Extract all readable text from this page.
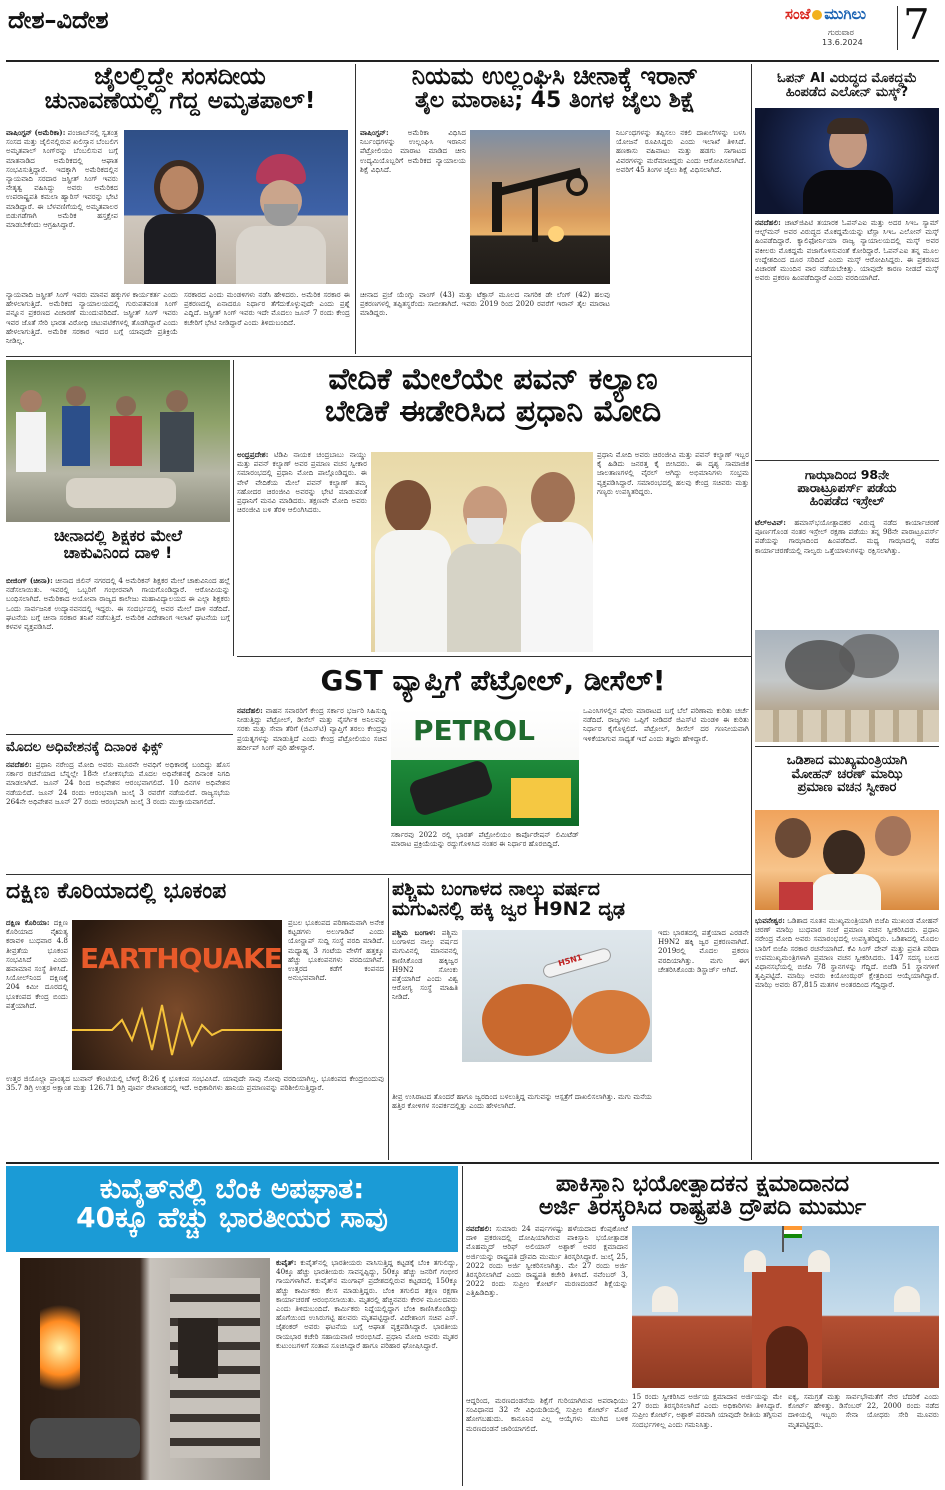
ದೇಶ–ವಿದೇಶ	ಸಂಜೆ ಮುಗಿಲು
ಗುರುವಾರ
13.6.2024 7
ಜೈಲಲ್ಲಿದ್ದೇ ಸಂಸದೀಯ
ಚುನಾವಣೆಯಲ್ಲಿ ಗೆದ್ದ ಅಮೃತಪಾಲ್!
ವಾಷಿಂಗ್ಟನ್ (ಅಮೆರಿಕಾ): ಪಂಜಾಬ್‌ನಲ್ಲಿ ಸ್ವತಂತ್ರ ಸಂಸದ ಮತ್ತು ಜೈಲಿನಲ್ಲಿರುವ ಖಲಿಸ್ತಾನ ಬೆಂಬಲಿಗ ಅಮೃತಪಾಲ್ ಸಿಂಗ್‌ರನ್ನು ಬೆಂಬಲಿಸುವ ಬಗ್ಗೆ ಮಾತನಾಡಿದ ಅಮೆರಿಕದಲ್ಲಿ ಆಘಾತ ಸಂಭವಿಸುತ್ತಿದ್ದಾರೆ. ಇದಕ್ಕಾಗಿ ಅಮೆರಿಕದಲ್ಲಿನ ನ್ಯಾಯವಾದಿ ಸರದಾರ ಜಸ್ಪ್ರೀತ್ ಸಿಂಗ್ ಇವರು ನೇತೃತ್ವ ವಹಿಸಿದ್ದು ಅವರು ಅಮೆರಿಕದ ಉಪರಾಷ್ಟ್ರಪತಿ ಕಮಲಾ ಹ್ಯಾರಿಸ್ ಇವರನ್ನು ಭೇಟಿ ಮಾಡಿದ್ದಾರೆ. ಈ ಬೆಳವಣಿಗೆಯಲ್ಲಿ ಅಮೃತಪಾಲರ ಬಿಡುಗಡೆಗಾಗಿ ಅಮೆರಿಕ ಹಸ್ತಕ್ಷೇಪ ಮಾಡಬೇಕೆಂದು ಆಗ್ರಹಿಸಿದ್ದಾರೆ.
ನ್ಯಾಯವಾದಿ ಜಸ್ಪ್ರೀತ್ ಸಿಂಗ್ ಇವರು ಮಾನವ ಹಕ್ಕುಗಳ ಕಾರ್ಯಕರ್ತ ಎಂದು ಹೇಳಲಾಗುತ್ತಿದೆ. ಅಮೆರಿಕದ ನ್ಯಾಯಾಲಯದಲ್ಲಿ ಗುರುಪತವಂತ ಸಿಂಗ್ ಪನ್ನೂನ ಪ್ರಕರಣದ ವಿಚಾರಣೆ ಮುಂದುವರಿದಿದೆ. ಜಸ್ಪ್ರೀತ್ ಸಿಂಗ್ ಇವರು ಇವರ ಜೊತೆ ಸೇರಿ ಭಾರತ ವಿರೋಧಿ ಚಟುವಟಿಕೆಗಳಲ್ಲಿ ತೊಡಗಿದ್ದಾರೆ ಎಂದು ಹೇಳಲಾಗುತ್ತಿದೆ. ಅಮೆರಿಕ ಸರಕಾರ ಇದರ ಬಗ್ಗೆ ಯಾವುದೇ ಪ್ರತಿಕ್ರಿಯೆ ನೀಡಿಲ್ಲ.
ಸರಕಾರದ ಎಂದು ಮಂಡಳಿಗಳು ನಡೆಸಿ ಹೇಳಿದರು. ಅಮೆರಿಕ ಸರಕಾರ ಈ ಪ್ರಕರಣದಲ್ಲಿ ಏನಾದರೂ ನಿರ್ಧಾರ ತೆಗೆದುಕೊಳ್ಳುವುದೇ ಎಂದು ಪ್ರಶ್ನೆ ಎದ್ದಿದೆ. ಜಸ್ಪ್ರೀತ್ ಸಿಂಗ್ ಇವರು ಇದೇ ಮೊದಲು ಜೂನ್ 7 ರಂದು ಕೇಂದ್ರ ಕಚೇರಿಗೆ ಭೇಟಿ ನೀಡಿದ್ದಾರೆ ಎಂದು ತಿಳಿದುಬಂದಿದೆ.
ನಿಯಮ ಉಲ್ಲಂಘಿಸಿ ಚೀನಾಕ್ಕೆ ಇರಾನ್
ತೈಲ ಮಾರಾಟ; 45 ತಿಂಗಳ ಜೈಲು ಶಿಕ್ಷೆ
ವಾಷಿಂಗ್ಟನ್:	ಅಮೆರಿಕಾ ವಿಧಿಸಿದ ನಿರ್ಬಂಧಗಳನ್ನು ಉಲ್ಲಂಘಿಸಿ ಇರಾನಿನ ಪೆಟ್ರೋಲಿಯಂ ಮಾರಾಟ ಮಾಡಿದ ಚೀನಿ ಉದ್ಯಮಿಯೊಬ್ಬರಿಗೆ ಅಮೆರಿಕದ ನ್ಯಾಯಾಲಯ ಶಿಕ್ಷೆ ವಿಧಿಸಿದೆ.
ನಿರ್ಬಂಧಗಳನ್ನು ತಪ್ಪಿಸಲು ನಕಲಿ ದಾಖಲೆಗಳನ್ನು ಬಳಸಿ ಯೋಜನೆ ರೂಪಿಸಿದ್ದರು ಎಂದು ಇಲಾಖೆ ತಿಳಿಸಿದೆ. ಹಣಕಾಸು ವಹಿವಾಟು ಮತ್ತು ಹಡಗು ಸಾಗಾಟದ ವಿವರಗಳನ್ನು ಮರೆಮಾಚಿದ್ದರು ಎಂದು ಆರೋಪಿಸಲಾಗಿದೆ. ಅವರಿಗೆ 45 ತಿಂಗಳ ಜೈಲು ಶಿಕ್ಷೆ ವಿಧಿಸಲಾಗಿದೆ.
ಚೀನಾದ ಪ್ರಜೆ ಯೆಂಗ್ಸು ವಾಂಗ್ (43) ಮತ್ತು ಟೆಕ್ಸಾಸ್ ಮೂಲದ ನಾಗರಿಕ ಡೇ ಲೆಂಗ್ (42) ಹಲವು ಪ್ರಕರಣಗಳಲ್ಲಿ ತಪ್ಪಿತಸ್ಥರೆಂದು ಸಾಬೀತಾಗಿದೆ. ಇವರು 2019 ರಿಂದ 2020 ರವರೆಗೆ ಇರಾನ್ ತೈಲ ಮಾರಾಟ ಮಾಡಿದ್ದರು.
ಓಪನ್ AI ವಿರುದ್ಧದ ಮೊಕದ್ದಮೆ
ಹಿಂಪಡೆದ ಎಲೋನ್ ಮಸ್ಕ್?
ನವದೆಹಲಿ: ಚಾಟ್‌ಜಿಪಿಟಿ ತಯಾರಕ ಓಪನ್‌ಎಐ ಮತ್ತು ಅದರ ಸಿಇಒ ಸ್ಯಾಮ್ ಆಲ್ಟ್‌ಮನ್ ಅವರ ವಿರುದ್ಧದ ಮೊಕದ್ದಮೆಯನ್ನು ಟೆಸ್ಲಾ ಸಿಇಒ ಎಲೋನ್ ಮಸ್ಕ್ ಹಿಂಪಡೆದಿದ್ದಾರೆ. ಕ್ಯಾಲಿಫೋರ್ನಿಯಾ ರಾಜ್ಯ ನ್ಯಾಯಾಲಯದಲ್ಲಿ ಮಸ್ಕ್ ಅವರ ವಕೀಲರು ಮೊಕದ್ದಮೆ ವಜಾಗೊಳಿಸುವಂತೆ ಕೋರಿದ್ದಾರೆ. ಓಪನ್‌ಎಐ ತನ್ನ ಮೂಲ ಉದ್ದೇಶದಿಂದ ದೂರ ಸರಿದಿದೆ ಎಂದು ಮಸ್ಕ್ ಆರೋಪಿಸಿದ್ದರು. ಈ ಪ್ರಕರಣದ ವಿಚಾರಣೆ ಮುಂದಿನ ವಾರ ನಡೆಯಬೇಕಿತ್ತು. ಯಾವುದೇ ಕಾರಣ ನೀಡದೆ ಮಸ್ಕ್ ಅವರು ಪ್ರಕರಣ ಹಿಂಪಡೆದಿದ್ದಾರೆ ಎಂದು ವರದಿಯಾಗಿದೆ.
ಚೀನಾದಲ್ಲಿ ಶಿಕ್ಷಕರ ಮೇಲೆ
ಚಾಕುವಿನಿಂದ ದಾಳಿ !
ಬೀಜಿಂಗ್ (ಚೀನಾ): ಚೀನಾದ ಜಿಲಿನ್ ನಗರದಲ್ಲಿ 4 ಅಮೆರಿಕನ್ ಶಿಕ್ಷಕರ ಮೇಲೆ ಚಾಕುವಿನಿಂದ ಹಲ್ಲೆ ನಡೆಸಲಾಯಿತು. ಇವರಲ್ಲಿ ಒಬ್ಬರಿಗೆ ಗಂಭೀರವಾಗಿ ಗಾಯಗೊಂಡಿದ್ದಾರೆ. ಆರೋಪಿಯನ್ನು ಬಂಧಿಸಲಾಗಿದೆ. ಅಮೆರಿಕಾದ ಅಯೋವಾ ರಾಜ್ಯದ ಕಾಲೇಜು ಮಹಾವಿದ್ಯಾಲಯದ ಈ ಎಲ್ಲಾ ಶಿಕ್ಷಕರು ಒಂದು ಸಾರ್ವಜನಿಕ ಉದ್ಯಾನವನದಲ್ಲಿ ಇದ್ದರು. ಈ ಸಂದರ್ಭದಲ್ಲಿ ಅವರ ಮೇಲೆ ದಾಳಿ ನಡೆದಿದೆ. ಘಟನೆಯ ಬಗ್ಗೆ ಚೀನಾ ಸರಕಾರ ತನಿಖೆ ನಡೆಸುತ್ತಿದೆ. ಅಮೆರಿಕ ವಿದೇಶಾಂಗ ಇಲಾಖೆ ಘಟನೆಯ ಬಗ್ಗೆ ಕಳವಳ ವ್ಯಕ್ತಪಡಿಸಿದೆ.
ವೇದಿಕೆ ಮೇಲೆಯೇ ಪವನ್ ಕಲ್ಯಾಣ
ಬೇಡಿಕೆ ಈಡೇರಿಸಿದ ಪ್ರಧಾನಿ ಮೋದಿ
ಅಂಧ್ರಪ್ರದೇಶ: ಟಿಡಿಪಿ ನಾಯಕ ಚಂದ್ರಬಾಬು ನಾಯ್ಡು ಮತ್ತು ಪವನ್ ಕಲ್ಯಾಣ್ ಅವರ ಪ್ರಮಾಣ ವಚನ ಸ್ವೀಕಾರ ಸಮಾರಂಭದಲ್ಲಿ ಪ್ರಧಾನಿ ಮೋದಿ ಪಾಲ್ಗೊಂಡಿದ್ದರು. ಈ ವೇಳೆ ವೇದಿಕೆಯ ಮೇಲೆ ಪವನ್ ಕಲ್ಯಾಣ್ ತಮ್ಮ ಸಹೋದರ ಚಿರಂಜೀವಿ ಅವರನ್ನು ಭೇಟಿ ಮಾಡುವಂತೆ ಪ್ರಧಾನಿಗೆ ಮನವಿ ಮಾಡಿದರು. ತಕ್ಷಣವೇ ಮೋದಿ ಅವರು ಚಿರಂಜೀವಿ ಬಳಿ ತೆರಳಿ ಆಲಿಂಗಿಸಿದರು.
ಪ್ರಧಾನಿ ಮೋದಿ ಅವರು ಚಿರಂಜೀವಿ ಮತ್ತು ಪವನ್ ಕಲ್ಯಾಣ್ ಇಬ್ಬರ ಕೈ ಹಿಡಿದು ಜನರತ್ತ ಕೈ ಬೀಸಿದರು. ಈ ದೃಶ್ಯ ಸಾಮಾಜಿಕ ಜಾಲತಾಣಗಳಲ್ಲಿ ವೈರಲ್ ಆಗಿದ್ದು ಅಭಿಮಾನಿಗಳು ಸಂಭ್ರಮ ವ್ಯಕ್ತಪಡಿಸಿದ್ದಾರೆ. ಸಮಾರಂಭದಲ್ಲಿ ಹಲವು ಕೇಂದ್ರ ಸಚಿವರು ಮತ್ತು ಗಣ್ಯರು ಉಪಸ್ಥಿತರಿದ್ದರು.
ಗಾಝಾದಿಂದ 98ನೇ
ಪಾರಾಟ್ರೂಪರ್ಸ್ ಪಡೆಯ
ಹಿಂಪಡೆದ ಇಸ್ರೇಲ್
ಟೆಲ್‌ಅವಿವ್: ಹಮಾಸ್‌ಭಯೋತ್ಪಾದಕರ ವಿರುದ್ಧ ನಡೆದ ಕಾರ್ಯಾಚರಣೆ ಪೂರ್ಣಗೊಂಡ ನಂತರ ಇಸ್ರೇಲ್ ರಕ್ಷಣಾ ಪಡೆಯು ತನ್ನ 98ನೇ ಪಾರಾಟ್ರೂಪರ್ಸ್ ಪಡೆಯನ್ನು ಗಾಝಾದಿಂದ ಹಿಂಪಡೆದಿದೆ. ಮಧ್ಯ ಗಾಝಾದಲ್ಲಿ ನಡೆದ ಕಾರ್ಯಾಚರಣೆಯಲ್ಲಿ ನಾಲ್ವರು ಒತ್ತೆಯಾಳುಗಳನ್ನು ರಕ್ಷಿಸಲಾಗಿತ್ತು.
GST ವ್ಯಾಪ್ತಿಗೆ ಪೆಟ್ರೋಲ್, ಡೀಸೆಲ್!
ನವದೆಹಲಿ: ವಾಹನ ಸವಾರರಿಗೆ ಕೇಂದ್ರ ಸರ್ಕಾರ ಭರ್ಜರಿ ಸಿಹಿಸುದ್ದಿ ನೀಡುತ್ತಿದ್ದು ಪೆಟ್ರೋಲ್, ಡೀಸೆಲ್ ಮತ್ತು ನೈಸರ್ಗಿಕ ಅನಿಲವನ್ನು ಸರಕು ಮತ್ತು ಸೇವಾ ತೆರಿಗೆ (ಜಿಎಸ್‌ಟಿ) ವ್ಯಾಪ್ತಿಗೆ ತರಲು ಕೇಂದ್ರವು ಪ್ರಯತ್ನಗಳನ್ನು ಮಾಡುತ್ತಿದೆ ಎಂದು ಕೇಂದ್ರ ಪೆಟ್ರೋಲಿಯಂ ಸಚಿವ ಹರ್ದೀಪ್ ಸಿಂಗ್ ಪುರಿ ಹೇಳಿದ್ದಾರೆ.
PETROL
ಸರ್ಕಾರವು 2022 ರಲ್ಲಿ ಭಾರತ್ ಪೆಟ್ರೋಲಿಯಂ ಕಾರ್ಪೊರೇಷನ್ ಲಿಮಿಟೆಡ್ ಮಾರಾಟ ಪ್ರಕ್ರಿಯೆಯನ್ನು ರದ್ದುಗೊಳಿಸಿದ ನಂತರ ಈ ನಿರ್ಧಾರ ಹೊರಬಿದ್ದಿದೆ.
ಒಎಂಸಿಗಳಲ್ಲಿನ ಷೇರು ಮಾರಾಟದ ಬಗ್ಗೆ ಬೆಲೆ ಪರಿಣಾಮ ಕುರಿತು ಚರ್ಚೆ ನಡೆದಿದೆ. ರಾಜ್ಯಗಳು ಒಪ್ಪಿಗೆ ನೀಡಿದರೆ ಜಿಎಸ್‌ಟಿ ಮಂಡಳಿ ಈ ಕುರಿತು ನಿರ್ಧಾರ ಕೈಗೊಳ್ಳಲಿದೆ. ಪೆಟ್ರೋಲ್, ಡೀಸೆಲ್ ದರ ಗಣನೀಯವಾಗಿ ಇಳಿಕೆಯಾಗುವ ಸಾಧ್ಯತೆ ಇದೆ ಎಂದು ತಜ್ಞರು ಹೇಳಿದ್ದಾರೆ.
ಮೊದಲ ಅಧಿವೇಶನಕ್ಕೆ ದಿನಾಂಕ ಫಿಕ್ಸ್
ನವದೆಹಲಿ: ಪ್ರಧಾನಿ ನರೇಂದ್ರ ಮೋದಿ ಅವರು ಮೂರನೇ ಅವಧಿಗೆ ಅಧಿಕಾರಕ್ಕೆ ಬಂದಿದ್ದು ಹೊಸ ಸರ್ಕಾರ ರಚನೆಯಾದ ಬೆನ್ನಲ್ಲೇ 18ನೇ ಲೋಕಸಭೆಯ ಮೊದಲ ಅಧಿವೇಶನಕ್ಕೆ ದಿನಾಂಕ ನಿಗದಿ ಮಾಡಲಾಗಿದೆ. ಜೂನ್ 24 ರಿಂದ ಅಧಿವೇಶನ ಆರಂಭವಾಗಲಿದೆ. 10 ದಿನಗಳ ಅಧಿವೇಶನ ನಡೆಯಲಿದೆ. ಜೂನ್ 24 ರಂದು ಆರಂಭವಾಗಿ ಜುಲೈ 3 ರವರೆಗೆ ನಡೆಯಲಿದೆ. ರಾಜ್ಯಸಭೆಯ 264ನೇ ಅಧಿವೇಶನ ಜೂನ್ 27 ರಂದು ಆರಂಭವಾಗಿ ಜುಲೈ 3 ರಂದು ಮುಕ್ತಾಯವಾಗಲಿದೆ.
ಒಡಿಶಾದ ಮುಖ್ಯಮಂತ್ರಿಯಾಗಿ
ಮೋಹನ್ ಚರಣ್ ಮಾಝಿ
ಪ್ರಮಾಣ ವಚನ ಸ್ವೀಕಾರ
ಭುವನೇಶ್ವರ: ಒಡಿಶಾದ ನೂತನ ಮುಖ್ಯಮಂತ್ರಿಯಾಗಿ ಬಿಜೆಪಿ ಮುಖಂಡ ಮೋಹನ್ ಚರಣ್ ಮಾಝಿ ಬುಧವಾರ ಸಂಜೆ ಪ್ರಮಾಣ ವಚನ ಸ್ವೀಕರಿಸಿದರು. ಪ್ರಧಾನಿ ನರೇಂದ್ರ ಮೋದಿ ಅವರು ಸಮಾರಂಭದಲ್ಲಿ ಉಪಸ್ಥಿತರಿದ್ದರು. ಒಡಿಶಾದಲ್ಲಿ ಮೊದಲ ಬಾರಿಗೆ ಬಿಜೆಪಿ ಸರಕಾರ ರಚನೆಯಾಗಿದೆ. ಕೆವಿ ಸಿಂಗ್ ದೇವ್ ಮತ್ತು ಪ್ರವತಿ ಪರಿದಾ ಉಪಮುಖ್ಯಮಂತ್ರಿಗಳಾಗಿ ಪ್ರಮಾಣ ವಚನ ಸ್ವೀಕರಿಸಿದರು. 147 ಸದಸ್ಯ ಬಲದ ವಿಧಾನಸಭೆಯಲ್ಲಿ ಬಿಜೆಪಿ 78 ಸ್ಥಾನಗಳನ್ನು ಗೆದ್ದಿದೆ. ಬಿಜೆಡಿ 51 ಸ್ಥಾನಗಳಿಗೆ ತೃಪ್ತಿಪಟ್ಟಿದೆ. ಮಾಝಿ ಅವರು ಕಿಯೋಂಝರ್ ಕ್ಷೇತ್ರದಿಂದ ಆಯ್ಕೆಯಾಗಿದ್ದಾರೆ. ಮಾಝಿ ಅವರು 87,815 ಮತಗಳ ಅಂತರದಿಂದ ಗೆದ್ದಿದ್ದಾರೆ.
ದಕ್ಷಿಣ ಕೊರಿಯಾದಲ್ಲಿ ಭೂಕಂಪ
ದಕ್ಷಿಣ ಕೊರಿಯಾ: ದಕ್ಷಿಣ ಕೊರಿಯಾದ ನೈಋತ್ಯ ಕರಾವಳಿ ಬುಧವಾರ 4.8 ತೀವ್ರತೆಯ ಭೂಕಂಪ ಸಂಭವಿಸಿದೆ ಎಂದು ಹವಾಮಾನ ಸಂಸ್ಥೆ ತಿಳಿಸಿದೆ. ಸಿಯೋಲ್‌ನಿಂದ ದಕ್ಷಿಣಕ್ಕೆ 204 ಕಿಮೀ ದೂರದಲ್ಲಿ ಭೂಕಂಪದ ಕೇಂದ್ರ ಬಿಂದು ಪತ್ತೆಯಾಗಿದೆ.
EARTHQUAKE
ಪ್ರಬಲ ಭೂಕಂಪದ ಪರಿಣಾಮವಾಗಿ ಅನೇಕ ಕಟ್ಟಡಗಳು ಅಲುಗಾಡಿವೆ ಎಂದು ಯೋನ್ಹಾಪ್ ಸುದ್ದಿ ಸಂಸ್ಥೆ ವರದಿ ಮಾಡಿದೆ. ಮಧ್ಯಾಹ್ನ 3 ಗಂಟೆಯ ವೇಳೆಗೆ ಹತ್ತಕ್ಕೂ ಹೆಚ್ಚು ಭೂಕಂಪನಗಳು ವರದಿಯಾಗಿವೆ. ಉತ್ತರದ ಕಡೆಗೆ ಕಂಪನದ ಅನುಭವವಾಗಿದೆ.
ಉತ್ತರ ಜಿಯೊಲ್ಲಾ ಪ್ರಾಂತ್ಯದ ಬುವಾನ್ ಕೌಂಟಿಯಲ್ಲಿ ಬೆಳಿಗ್ಗೆ 8:26 ಕ್ಕೆ ಭೂಕಂಪ ಸಂಭವಿಸಿದೆ. ಯಾವುದೇ ಸಾವು ನೋವು ವರದಿಯಾಗಿಲ್ಲ. ಭೂಕಂಪದ ಕೇಂದ್ರಬಿಂದುವು 35.7 ಡಿಗ್ರಿ ಉತ್ತರ ಅಕ್ಷಾಂಶ ಮತ್ತು 126.71 ಡಿಗ್ರಿ ಪೂರ್ವ ರೇಖಾಂಶದಲ್ಲಿ ಇದೆ. ಅಧಿಕಾರಿಗಳು ಹಾನಿಯ ಪ್ರಮಾಣವನ್ನು ಪರಿಶೀಲಿಸುತ್ತಿದ್ದಾರೆ.
ಪಶ್ಚಿಮ ಬಂಗಾಳದ ನಾಲ್ಕು ವರ್ಷದ
ಮಗುವಿನಲ್ಲಿ ಹಕ್ಕಿ ಜ್ವರ H9N2 ದೃಢ
ಪಶ್ಚಿಮ ಬಂಗಾಳ: ಪಶ್ಚಿಮ ಬಂಗಾಳದ ನಾಲ್ಕು ವರ್ಷದ ಮಗುವಿನಲ್ಲಿ ಮಾನವನಲ್ಲಿ ಕಾಣಿಸಿಕೊಂಡ ಹಕ್ಕಿಜ್ವರ H9N2 ಸೋಂಕು ಪತ್ತೆಯಾಗಿದೆ ಎಂದು ವಿಶ್ವ ಆರೋಗ್ಯ ಸಂಸ್ಥೆ ಮಾಹಿತಿ ನೀಡಿದೆ.
H5N1
ತೀವ್ರ ಉಸಿರಾಟದ ತೊಂದರೆ ಹಾಗೂ ಜ್ವರದಿಂದ ಬಳಲುತ್ತಿದ್ದ ಮಗುವನ್ನು ಆಸ್ಪತ್ರೆಗೆ ದಾಖಲಿಸಲಾಗಿತ್ತು. ಮಗು ಮನೆಯ ಹತ್ತಿರ ಕೋಳಿಗಳ ಸಂಪರ್ಕದಲ್ಲಿತ್ತು ಎಂದು ಹೇಳಲಾಗಿದೆ.
ಇದು ಭಾರತದಲ್ಲಿ ಪತ್ತೆಯಾದ ಎರಡನೇ H9N2 ಹಕ್ಕಿ ಜ್ವರ ಪ್ರಕರಣವಾಗಿದೆ. 2019ರಲ್ಲಿ ಮೊದಲ ಪ್ರಕರಣ ವರದಿಯಾಗಿತ್ತು. ಮಗು ಈಗ ಚೇತರಿಸಿಕೊಂಡು ಡಿಸ್ಚಾರ್ಜ್ ಆಗಿದೆ.
ಕುವೈತ್‌ನಲ್ಲಿ ಬೆಂಕಿ ಅಪಘಾತ:
40ಕ್ಕೂ ಹೆಚ್ಚು ಭಾರತೀಯರ ಸಾವು
ಕುವೈತ್: ಕುವೈತ್‌ನಲ್ಲಿ ಭಾರತೀಯರು ವಾಸಿಸುತ್ತಿದ್ದ ಕಟ್ಟಡಕ್ಕೆ ಬೆಂಕಿ ತಗುಲಿದ್ದು, 40ಕ್ಕೂ ಹೆಚ್ಚು ಭಾರತೀಯರು ಸಾವನ್ನಪ್ಪಿದ್ದು, 50ಕ್ಕೂ ಹೆಚ್ಚು ಜನರಿಗೆ ಗಂಭೀರ ಗಾಯಗಳಾಗಿವೆ. ಕುವೈತ್‌ನ ಮಂಗಾಫ್ ಪ್ರದೇಶದಲ್ಲಿರುವ ಕಟ್ಟಡದಲ್ಲಿ 150ಕ್ಕೂ ಹೆಚ್ಚು ಕಾರ್ಮಿಕರು ಕೆಲಸ ಮಾಡುತ್ತಿದ್ದರು. ಬೆಂಕಿ ತಗುಲಿದ ತಕ್ಷಣ ರಕ್ಷಣಾ ಕಾರ್ಯಾಚರಣೆ ಆರಂಭಿಸಲಾಯಿತು. ಮೃತರಲ್ಲಿ ಹೆಚ್ಚಿನವರು ಕೇರಳ ಮೂಲದವರು ಎಂದು ತಿಳಿದುಬಂದಿದೆ. ಕಾರ್ಮಿಕರು ನಿದ್ದೆಯಲ್ಲಿದ್ದಾಗ ಬೆಂಕಿ ಕಾಣಿಸಿಕೊಂಡಿದ್ದು ಹೊಗೆಯಿಂದ ಉಸಿರುಗಟ್ಟಿ ಹಲವರು ಮೃತಪಟ್ಟಿದ್ದಾರೆ. ವಿದೇಶಾಂಗ ಸಚಿವ ಎಸ್. ಜೈಶಂಕರ್ ಅವರು ಘಟನೆಯ ಬಗ್ಗೆ ಆಘಾತ ವ್ಯಕ್ತಪಡಿಸಿದ್ದಾರೆ. ಭಾರತೀಯ ರಾಯಭಾರ ಕಚೇರಿ ಸಹಾಯವಾಣಿ ಆರಂಭಿಸಿದೆ. ಪ್ರಧಾನಿ ಮೋದಿ ಅವರು ಮೃತರ ಕುಟುಂಬಗಳಿಗೆ ಸಂತಾಪ ಸೂಚಿಸಿದ್ದಾರೆ ಹಾಗೂ ಪರಿಹಾರ ಘೋಷಿಸಿದ್ದಾರೆ.
ಪಾಕಿಸ್ತಾನಿ ಭಯೋತ್ಪಾದಕನ ಕ್ಷಮಾದಾನದ
ಅರ್ಜಿ ತಿರಸ್ಕರಿಸಿದ ರಾಷ್ಟ್ರಪತಿ ದ್ರೌಪದಿ ಮುರ್ಮು
ನವದೆಹಲಿ: ಸುಮಾರು 24 ವರ್ಷಗಳಷ್ಟು ಹಳೆಯದಾದ ಕೆಂಪುಕೋಟೆ ದಾಳಿ ಪ್ರಕರಣದಲ್ಲಿ ದೋಷಿಯಾಗಿರುವ ಪಾಕಿಸ್ತಾನಿ ಭಯೋತ್ಪಾದಕ ಮೊಹಮ್ಮದ್ ಆರಿಫ್ ಅಲಿಯಾಸ್ ಅಶ್ಫಾಕ್ ಅವರ ಕ್ಷಮಾದಾನ ಅರ್ಜಿಯನ್ನು ರಾಷ್ಟ್ರಪತಿ ದ್ರೌಪದಿ ಮುರ್ಮು ತಿರಸ್ಕರಿಸಿದ್ದಾರೆ. ಜುಲೈ 25, 2022 ರಂದು ಅರ್ಜಿ ಸ್ವೀಕರಿಸಲಾಗಿತ್ತು. ಮೇ 27 ರಂದು ಅರ್ಜಿ ತಿರಸ್ಕರಿಸಲಾಗಿದೆ ಎಂದು ರಾಷ್ಟ್ರಪತಿ ಕಚೇರಿ ತಿಳಿಸಿದೆ. ನವೆಂಬರ್ 3, 2022 ರಂದು ಸುಪ್ರೀಂ ಕೋರ್ಟ್ ಮರಣದಂಡನೆ ಶಿಕ್ಷೆಯನ್ನು ಎತ್ತಿಹಿಡಿದಿತ್ತು.
ಆದ್ದರಿಂದ, ಮರಣದಂಡನೆಯ ಶಿಕ್ಷೆಗೆ ಗುರಿಯಾಗಿರುವ ಅಪರಾಧಿಯು ಸಂವಿಧಾನದ 32 ನೇ ವಿಧಿಯಡಿಯಲ್ಲಿ ಸುಪ್ರೀಂ ಕೋರ್ಟ್ ಮೊರೆ ಹೋಗಬಹುದು. ಕಾನೂನಿನ ಎಲ್ಲ ಆಯ್ಕೆಗಳು ಮುಗಿದ ಬಳಿಕ ಮರಣದಂಡನೆ ಜಾರಿಯಾಗಲಿದೆ.
15 ರಂದು ಸ್ವೀಕರಿಸಿದ ಅರ್ಜಿಯ ಕ್ಷಮಾದಾನ ಅರ್ಜಿಯನ್ನು ಮೇ 27 ರಂದು ತಿರಸ್ಕರಿಸಲಾಗಿದೆ ಎಂದು ಅಧಿಕಾರಿಗಳು ತಿಳಿಸಿದ್ದಾರೆ. ಸುಪ್ರೀಂ ಕೋರ್ಟ್, ಅಶ್ಫಾಕ್ ಪರವಾಗಿ ಯಾವುದೇ ರೀತಿಯ ತಗ್ಗಿಸುವ ಸಂದರ್ಭಗಳಿಲ್ಲ ಎಂದು ಗಮನಿಸಿತ್ತು.
ಐಕ್ಯ, ಸಮಗ್ರತೆ ಮತ್ತು ಸಾರ್ವಭೌಮತೆಗೆ ನೇರ ಬೆದರಿಕೆ ಎಂದು ಕೋರ್ಟ್ ಹೇಳಿತ್ತು. ಡಿಸೆಂಬರ್ 22, 2000 ರಂದು ನಡೆದ ದಾಳಿಯಲ್ಲಿ ಇಬ್ಬರು ಸೇನಾ ಯೋಧರು ಸೇರಿ ಮೂವರು ಮೃತಪಟ್ಟಿದ್ದರು.
